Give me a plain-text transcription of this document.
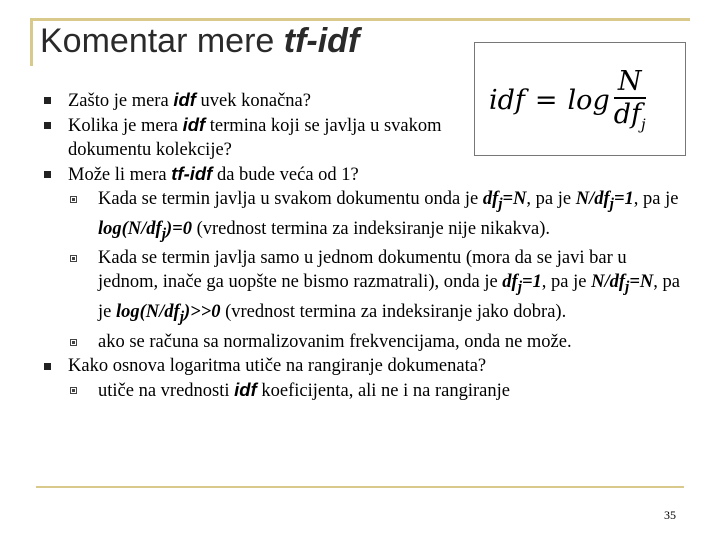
Komentar mere tf-idf
idf = $\log \frac{N}{df_j}$
Zašto je mera idf uvek konačna?
Kolika je mera idf termina koji se javlja u svakom dokumentu kolekcije?
Može li mera tf-idf da bude veća od 1?
Kada se termin javlja u svakom dokumentu onda je $df_j=N$, pa je $N/df_j=1$, pa je $\log(N/df_j)=0$ (vrednost termina za indeksiranje nije nikakva).
Kada se termin javlja samo u jednom dokumentu (mora da se javi bar u jednom, inače ga uopšte ne bismo razmatrali), onda je $df_j=1$, pa je $N/df_j=N$, pa je $\log(N/df_j)>>0$ (vrednost termina za indeksiranje jako dobra).
ako se računa sa normalizovanim frekvencijama, onda ne može.
Kako osnova logaritma utiče na rangiranje dokumenata?
utiče na vrednosti idf koeficijenta, ali ne i na rangiranje
35
